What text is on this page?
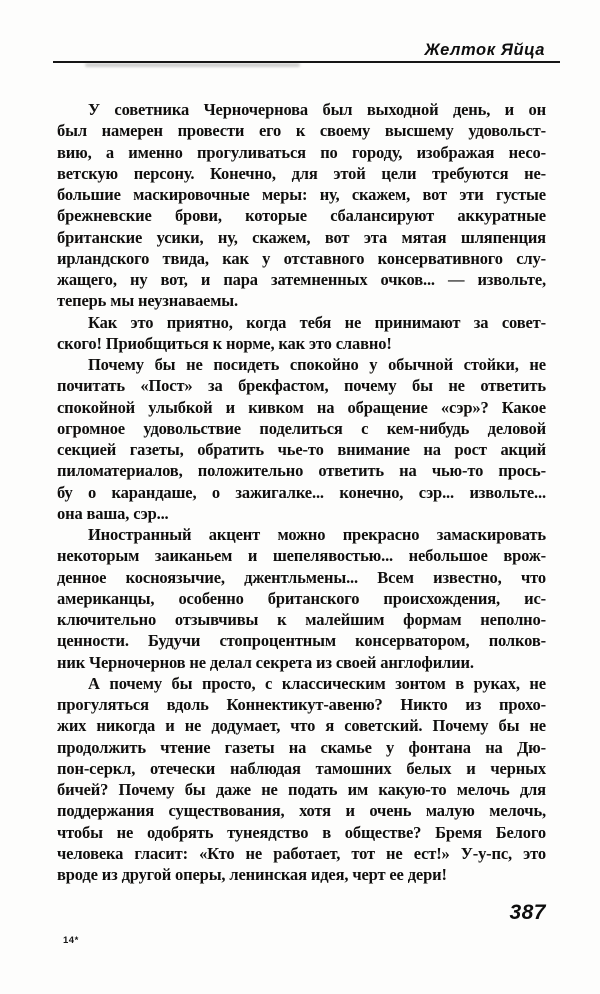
Желток Яйца
У советника Черночернова был выходной день, и он
был намерен провести его к своему высшему удовольст-
вию, а именно прогуливаться по городу, изображая несо-
ветскую персону. Конечно, для этой цели требуются не-
большие маскировочные меры: ну, скажем, вот эти густые
брежневские брови, которые сбалансируют аккуратные
британские усики, ну, скажем, вот эта мятая шляпенция
ирландского твида, как у отставного консервативного слу-
жащего, ну вот, и пара затемненных очков... — извольте,
теперь мы неузнаваемы.
Как это приятно, когда тебя не принимают за совет-
ского! Приобщиться к норме, как это славно!
Почему бы не посидеть спокойно у обычной стойки, не
почитать «Пост» за брекфастом, почему бы не ответить
спокойной улыбкой и кивком на обращение «сэр»? Какое
огромное удовольствие поделиться с кем-нибудь деловой
секцией газеты, обратить чье-то внимание на рост акций
пиломатериалов, положительно ответить на чью-то прось-
бу о карандаше, о зажигалке... конечно, сэр... извольте...
она ваша, сэр...
Иностранный акцент можно прекрасно замаскировать
некоторым заиканьем и шепелявостью... небольшое врож-
денное косноязычие, джентльмены... Всем известно, что
американцы, особенно британского происхождения, ис-
ключительно отзывчивы к малейшим формам неполно-
ценности. Будучи стопроцентным консерватором, полков-
ник Черночернов не делал секрета из своей англофилии.
А почему бы просто, с классическим зонтом в руках, не
прогуляться вдоль Коннектикут-авеню? Никто из прохо-
жих никогда и не додумает, что я советский. Почему бы не
продолжить чтение газеты на скамье у фонтана на Дю-
пон-серкл, отечески наблюдая тамошних белых и черных
бичей? Почему бы даже не подать им какую-то мелочь для
поддержания существования, хотя и очень малую мелочь,
чтобы не одобрять тунеядство в обществе? Бремя Белого
человека гласит: «Кто не работает, тот не ест!» У-у-пс, это
вроде из другой оперы, ленинская идея, черт ее дери!
387
14*
